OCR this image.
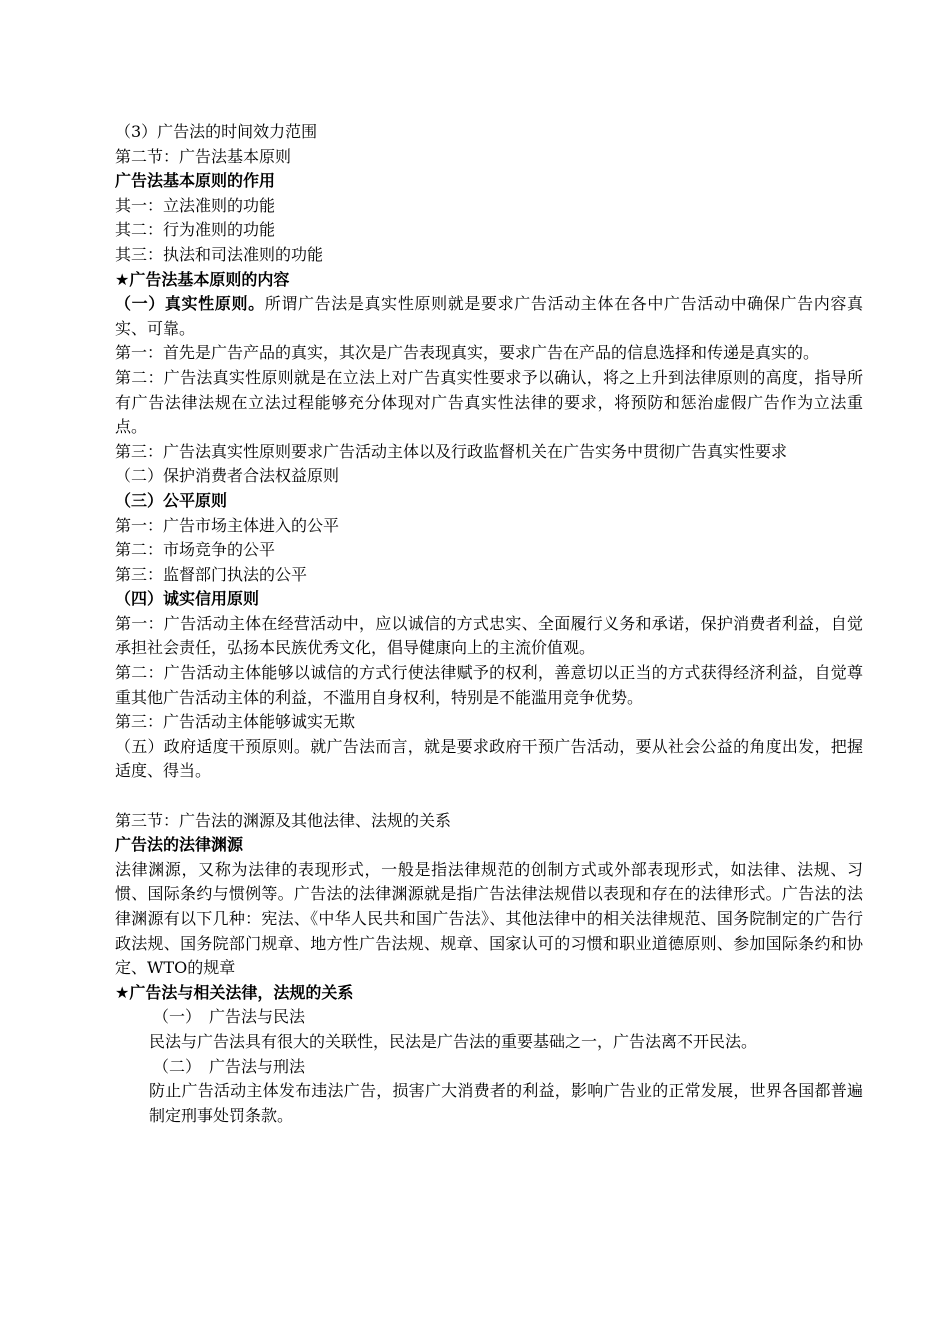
（3）广告法的时间效力范围

第二节：广告法基本原则

广告法基本原则的作用

其一：立法准则的功能

其二：行为准则的功能

其三：执法和司法准则的功能

★广告法基本原则的内容

（一）真实性原则。所谓广告法是真实性原则就是要求广告活动主体在各中广告活动中确保广告内容真实、可靠。

第一：首先是广告产品的真实，其次是广告表现真实，要求广告在产品的信息选择和传递是真实的。

第二：广告法真实性原则就是在立法上对广告真实性要求予以确认，将之上升到法律原则的高度，指导所有广告法律法规在立法过程能够充分体现对广告真实性法律的要求，将预防和惩治虚假广告作为立法重点。

第三：广告法真实性原则要求广告活动主体以及行政监督机关在广告实务中贯彻广告真实性要求

（二）保护消费者合法权益原则

（三）公平原则

第一：广告市场主体进入的公平

第二：市场竞争的公平

第三：监督部门执法的公平

（四）诚实信用原则

第一：广告活动主体在经营活动中，应以诚信的方式忠实、全面履行义务和承诺，保护消费者利益，自觉承担社会责任，弘扬本民族优秀文化，倡导健康向上的主流价值观。

第二：广告活动主体能够以诚信的方式行使法律赋予的权利，善意切以正当的方式获得经济利益，自觉尊重其他广告活动主体的利益，不滥用自身权利，特别是不能滥用竞争优势。

第三：广告活动主体能够诚实无欺

（五）政府适度干预原则。就广告法而言，就是要求政府干预广告活动，要从社会公益的角度出发，把握适度、得当。

第三节：广告法的渊源及其他法律、法规的关系

广告法的法律渊源

法律渊源，又称为法律的表现形式，一般是指法律规范的创制方式或外部表现形式，如法律、法规、习惯、国际条约与惯例等。广告法的法律渊源就是指广告法律法规借以表现和存在的法律形式。广告法的法律渊源有以下几种：宪法、《中华人民共和国广告法》、其他法律中的相关法律规范、国务院制定的广告行政法规、国务院部门规章、地方性广告法规、规章、国家认可的习惯和职业道德原则、参加国际条约和协定、WTO的规章

★广告法与相关法律，法规的关系

（一）　广告法与民法

民法与广告法具有很大的关联性，民法是广告法的重要基础之一，广告法离不开民法。

（二）　广告法与刑法

防止广告活动主体发布违法广告，损害广大消费者的利益，影响广告业的正常发展，世界各国都普遍制定刑事处罚条款。
